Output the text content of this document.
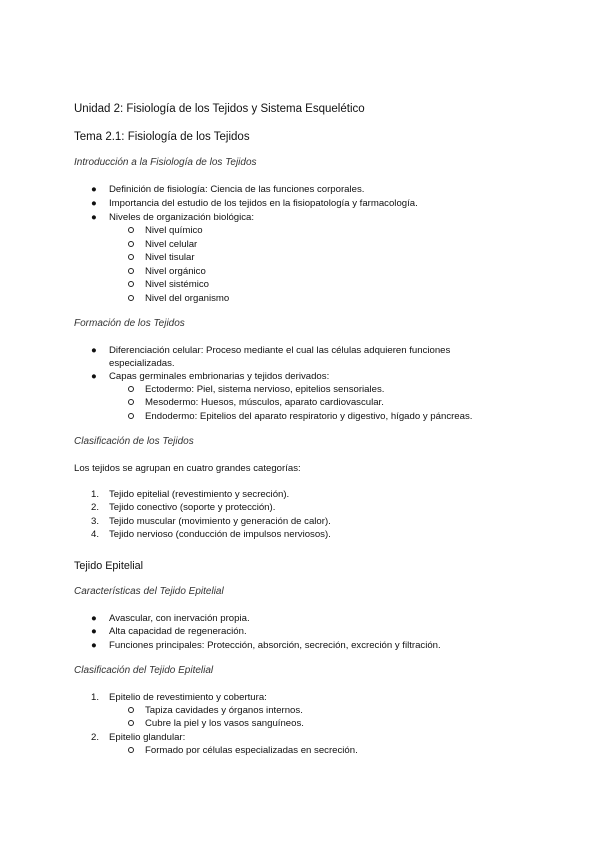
Unidad 2: Fisiología de los Tejidos y Sistema Esquelético
Tema 2.1: Fisiología de los Tejidos
Introducción a la Fisiología de los Tejidos
● Definición de fisiología: Ciencia de las funciones corporales.
● Importancia del estudio de los tejidos en la fisiopatología y farmacología.
● Niveles de organización biológica:
Nivel químico
Nivel celular
Nivel tisular
Nivel orgánico
Nivel sistémico
Nivel del organismo
Formación de los Tejidos
● Diferenciación celular: Proceso mediante el cual las células adquieren funciones
especializadas.
● Capas germinales embrionarias y tejidos derivados:
Ectodermo: Piel, sistema nervioso, epitelios sensoriales.
Mesodermo: Huesos, músculos, aparato cardiovascular.
Endodermo: Epitelios del aparato respiratorio y digestivo, hígado y páncreas.
Clasificación de los Tejidos
Los tejidos se agrupan en cuatro grandes categorías:
1. Tejido epitelial (revestimiento y secreción).
2. Tejido conectivo (soporte y protección).
3. Tejido muscular (movimiento y generación de calor).
4. Tejido nervioso (conducción de impulsos nerviosos).
Tejido Epitelial
Características del Tejido Epitelial
● Avascular, con inervación propia.
● Alta capacidad de regeneración.
● Funciones principales: Protección, absorción, secreción, excreción y filtración.
Clasificación del Tejido Epitelial
1. Epitelio de revestimiento y cobertura:
Tapiza cavidades y órganos internos.
Cubre la piel y los vasos sanguíneos.
2. Epitelio glandular:
Formado por células especializadas en secreción.
